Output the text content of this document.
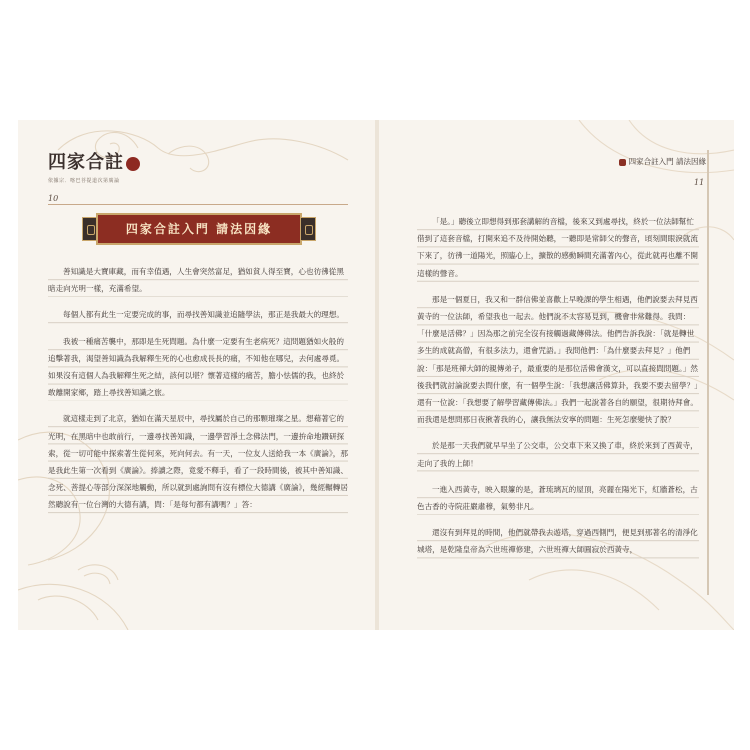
四家合註
依據宗．喀巴菩提道次第廣論
10
四家合註入門 請法因緣

善知識是大寶庫藏，而有幸值遇，人生會突然富足，猶如貧人得至寶，心也彷彿從黑暗走向光明一樣，充滿希望。

每個人都有此生一定要完成的事，而尋找善知識並追隨學法，那正是我最大的理想。

我被一種痛苦襲中，那即是生死問題。為什麼一定要有生老病死？這問題猶如火般的追擊著我，渴望善知識為我解釋生死的心也愈成長長的痛，不知他在哪兒，去何處尋覓。如果沒有這個人為我解釋生死之結，該何以堪？懷著這樣的痛苦，膽小怯儒的我，也終於敢離開家鄉，踏上尋找善知識之旅。

就這樣走到了北京，猶如在滿天星辰中，尋找屬於自己的那顆璀璨之星。想藉著它的光明，在黑暗中也敢前行，一邊尋找善知識，一邊學習淨土念佛法門，一邊拚命地鑽研探索，從一切可能中探索著生從何來，死向何去。有一天，一位友人送給我一本《廣論》，那是我此生第一次看到《廣論》。捧讀之際，竟愛不釋手，看了一段時間後，被其中善知識、念死、菩提心等部分深深地觸動，所以就到處詢問有沒有標位大德講《廣論》，幾經輾轉居然聽說有一位台灣的大德有講，問：「是每句都有講嗎？」答：

四家合註入門 請法因緣
11

「是。」聽後立即想得到那套講解的音檔，後來又到處尋找，終於一位法師幫忙借到了這套音檔，打開來追不及待開始聽，一聽即是常師父的聲音，頃刻間眼淚就流下來了，彷彿一道陽光，照臨心上，擴散的感動瞬間充滿著內心，從此就再也離不開這樣的聲音。

那是一個夏日，我又和一群信佛並喜歡上早晚課的學生相遇，他們說要去拜見西黃寺的一位法師，希望我也一起去。他們說不太容易見到，機會非常難得。我問：「什麼是活佛？」因為那之前完全沒有接觸過藏傳佛法。他們告訴我說：「就是轉世多生的成就高僧，有很多法力，還會咒語。」我問他們：「為什麼要去拜見？」他們說：「那是班禪大師的親傳弟子，最重要的是那位活佛會漢文，可以直接問問題。」然後我們就討論說要去問什麼，有一個學生說：「我想讓活佛算卦，我要不要去留學？」還有一位說：「我想要了解學習藏傳佛法。」我們一起說著各自的願望，很期待拜會。而我還是想問那日夜揪著我的心，讓我無法安寧的問題：生死怎麼變快了脫？

於是那一天我們就早早坐了公交車，公交車下來又換了車，終於來到了西黃寺，走向了我的上師！

一進入西黃寺，映入眼簾的是，蒼琉璃瓦的屋頂，亮麗在陽光下，紅牆蒼松，古色古香的寺院莊嚴肅穆，氣勢非凡。

還沒有到拜見的時間，他們就帶我去遊塔，穿過西側門，便見到那著名的清淨化城塔，是乾隆皇帝為六世班禪修建，六世班禪大師圓寂於西黃寺，
